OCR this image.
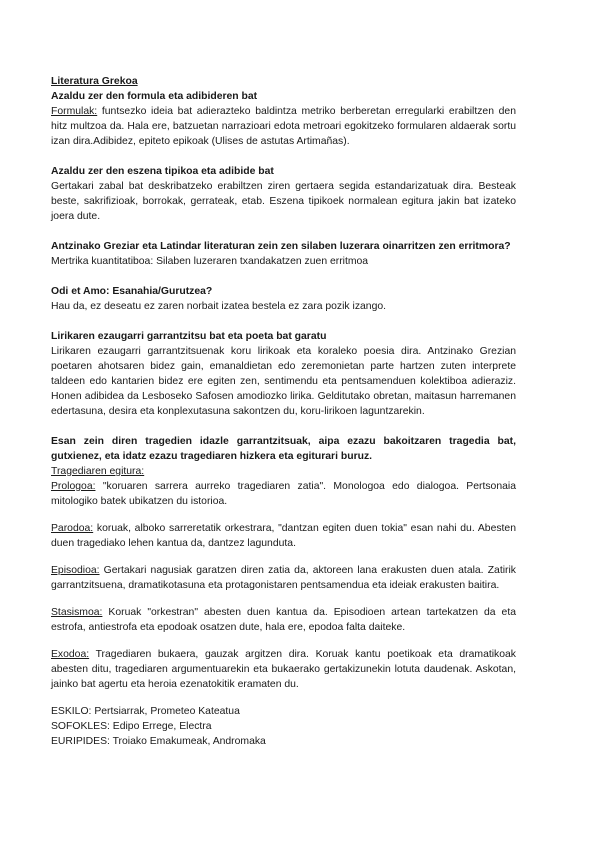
Literatura Grekoa

Azaldu zer den formula eta adibideren bat

Formulak: funtsezko ideia bat adierazteko baldintza metriko berberetan erregularki erabiltzen den hitz multzoa da. Hala ere, batzuetan narrazioari edota metroari egokitzeko formularen aldaerak sortu izan dira.Adibidez, epiteto epikoak (Ulises de astutas Artimañas).

Azaldu zer den eszena tipikoa eta adibide bat

Gertakari zabal bat deskribatzeko erabiltzen ziren gertaera segida estandarizatuak dira. Besteak beste, sakrifizioak, borrokak, gerrateak, etab. Eszena tipikoek normalean egitura jakin bat izateko joera dute.

Antzinako Greziar eta Latindar literaturan zein zen silaben luzerara oinarritzen zen erritmora?

Mertrika kuantitatiboa: Silaben luzeraren txandakatzen zuen erritmoa

Odi et Amo: Esanahia/Gurutzea?

Hau da, ez deseatu ez zaren norbait izatea bestela ez zara pozik izango.

Lirikaren ezaugarri garrantzitsu bat eta poeta bat garatu

Lirikaren ezaugarri garrantzitsuenak koru lirikoak eta koraleko poesia dira. Antzinako Grezian poetaren ahotsaren bidez gain, emanaldietan edo zeremonietan parte hartzen zuten interprete taldeen edo kantarien bidez ere egiten zen, sentimendu eta pentsamenduen kolektiboa adieraziz. Honen adibidea da Lesboseko Safosen amodiozko lirika. Gelditutako obretan, maitasun harremanen edertasuna, desira eta konplexutasuna sakontzen du, koru-lirikoen laguntzarekin.

Esan zein diren tragedien idazle garrantzitsuak, aipa ezazu bakoitzaren tragedia bat, gutxienez, eta idatz ezazu tragediaren hizkera eta egiturari buruz.

Tragediaren egitura:

Prologoa: "koruaren sarrera aurreko tragediaren zatia". Monologoa edo dialogoa. Pertsonaia mitologiko batek ubikatzen du istorioa.

Parodoa: koruak, alboko sarreretatik orkestrara, "dantzan egiten duen tokia" esan nahi du. Abesten duen tragediako lehen kantua da, dantzez lagunduta.

Episodioa: Gertakari nagusiak garatzen diren zatia da, aktoreen lana erakusten duen atala. Zatirik garrantzitsuena, dramatikotasuna eta protagonistaren pentsamendua eta ideiak erakusten baitira.

Stasismoa: Koruak "orkestran" abesten duen kantua da. Episodioen artean tartekatzen da eta estrofa, antiestrofa eta epodoak osatzen dute, hala ere, epodoa falta daiteke.

Exodoa: Tragediaren bukaera, gauzak argitzen dira. Koruak kantu poetikoak eta dramatikoak abesten ditu, tragediaren argumentuarekin eta bukaerako gertakizunekin lotuta daudenak. Askotan, jainko bat agertu eta heroia ezenatokitik eramaten du.

ESKILO: Pertsiarrak, Prometeo Kateatua

SOFOKLES: Edipo Errege, Electra

EURIPIDES: Troiako Emakumeak, Andromaka
